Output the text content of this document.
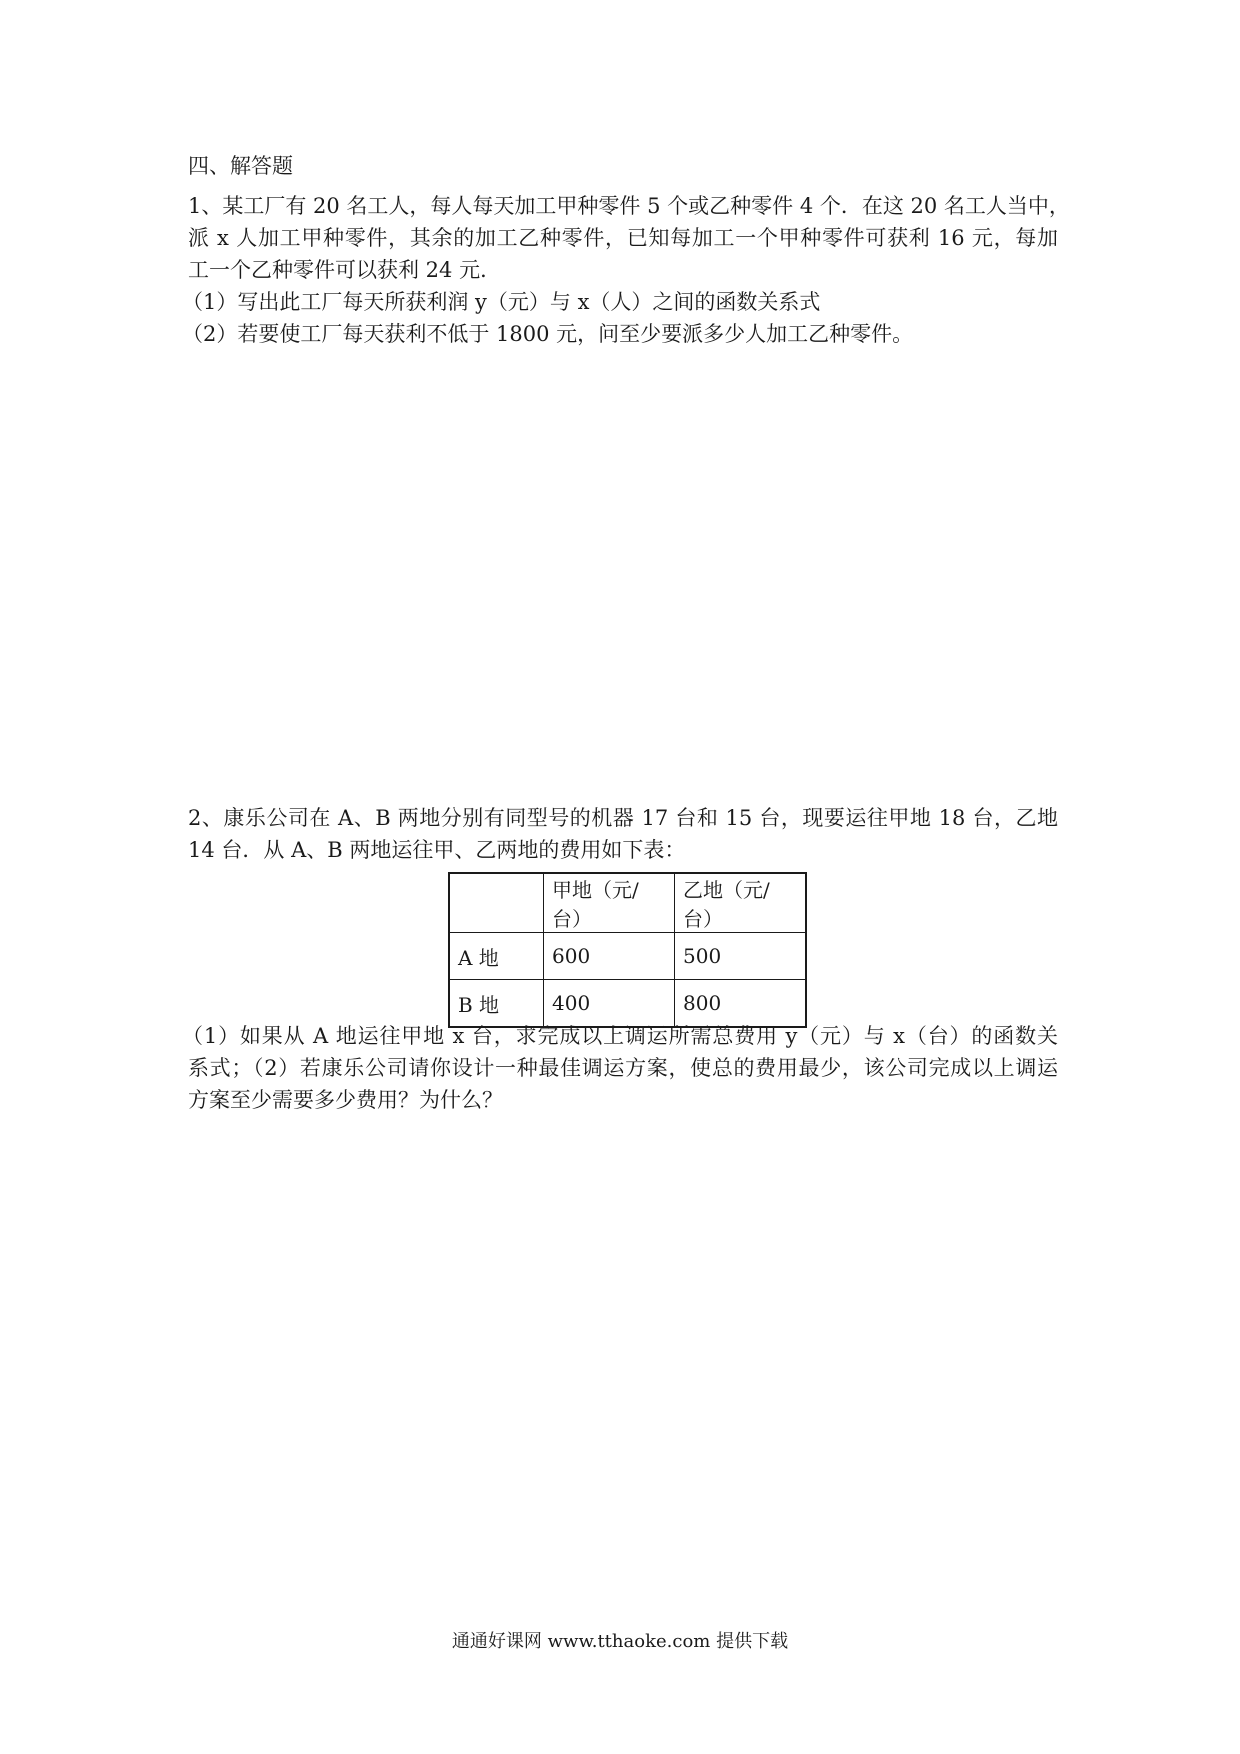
四、解答题
1、某工厂有 20 名工人，每人每天加工甲种零件 5 个或乙种零件 4 个．在这 20 名工人当中，
派 x 人加工甲种零件，其余的加工乙种零件，已知每加工一个甲种零件可获利 16 元，每加
工一个乙种零件可以获利 24 元．
（1）写出此工厂每天所获利润 y（元）与 x（人）之间的函数关系式
（2）若要使工厂每天获利不低于 1800 元，问至少要派多少人加工乙种零件。
2、康乐公司在 A、B 两地分别有同型号的机器 17 台和 15 台，现要运往甲地 18 台，乙地
14 台．从 A、B 两地运往甲、乙两地的费用如下表：
	甲地（元/台）	乙地（元/台）
A 地	600	500
B 地	400	800
（1）如果从 A 地运往甲地 x 台，求完成以上调运所需总费用 y（元）与 x（台）的函数关
系式；（2）若康乐公司请你设计一种最佳调运方案，使总的费用最少，该公司完成以上调运
方案至少需要多少费用？为什么？
通通好课网 www.tthaoke.com 提供下载
